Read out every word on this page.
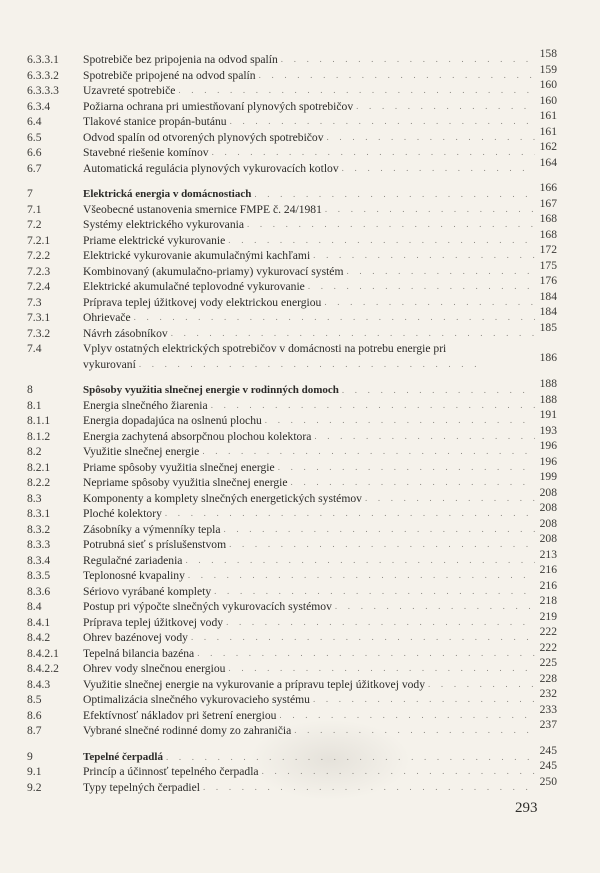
6.3.3.1	Spotrebiče bez pripojenia na odvod spalín . . .	158
6.3.3.2	Spotrebiče pripojené na odvod spalín . . .	159
6.3.3.3	Uzavreté spotrebiče . . .	160
6.3.4	Požiarna ochrana pri umiestňovaní plynových spotrebičov . . .	160
6.4	Tlakové stanice propán-butánu . . .	161
6.5	Odvod spalín od otvorených plynových spotrebičov . . .	161
6.6	Stavebné riešenie komínov . . .	162
6.7	Automatická regulácia plynových vykurovacích kotlov . . .	164
7	Elektrická energia v domácnostiach . . .	166
7.1	Všeobecné ustanovenia smernice FMPE č. 24/1981 . . .	167
7.2	Systémy elektrického vykurovania . . .	168
7.2.1	Priame elektrické vykurovanie . . .	168
7.2.2	Elektrické vykurovanie akumulačnými kachľami . . .	172
7.2.3	Kombinovaný (akumulačno-priamy) vykurovací systém . . .	175
7.2.4	Elektrické akumulačné teplovodné vykurovanie . . .	176
7.3	Príprava teplej úžitkovej vody elektrickou energiou . . .	184
7.3.1	Ohrievače . . .	184
7.3.2	Návrh zásobníkov . . .	185
7.4	Vplyv ostatných elektrických spotrebičov v domácnosti na potrebu energie pri
vykurovaní . . .	186
8	Spôsoby využitia slnečnej energie v rodinných domoch . . .	188
8.1	Energia slnečného žiarenia . . .	188
8.1.1	Energia dopadajúca na oslnenú plochu . . .	191
8.1.2	Energia zachytená absorpčnou plochou kolektora . . .	193
8.2	Využitie slnečnej energie . . .	196
8.2.1	Priame spôsoby využitia slnečnej energie . . .	196
8.2.2	Nepriame spôsoby využitia slnečnej energie . . .	199
8.3	Komponenty a komplety slnečných energetických systémov . . .	208
8.3.1	Ploché kolektory . . .	208
8.3.2	Zásobníky a výmenníky tepla . . .	208
8.3.3	Potrubná sieť s príslušenstvom . . .	208
8.3.4	Regulačné zariadenia . . .	213
8.3.5	Teplonosné kvapaliny . . .	216
8.3.6	Sériovo vyrábané komplety . . .	216
8.4	Postup pri výpočte slnečných vykurovacích systémov . . .	218
8.4.1	Príprava teplej úžitkovej vody . . .	219
8.4.2	Ohrev bazénovej vody . . .	222
8.4.2.1	Tepelná bilancia bazéna . . .	222
8.4.2.2	Ohrev vody slnečnou energiou . . .	225
8.4.3	Využitie slnečnej energie na vykurovanie a prípravu teplej úžitkovej vody . . .	228
8.5	Optimalizácia slnečného vykurovacieho systému . . .	232
8.6	Efektívnosť nákladov pri šetrení energiou . . .	233
8.7	Vybrané slnečné rodinné domy zo zahraničia . . .	237
9	Tepelné čerpadlá . . .	245
9.1	Princíp a účinnosť tepelného čerpadla . . .	245
9.2	Typy tepelných čerpadiel . . .	250
293
